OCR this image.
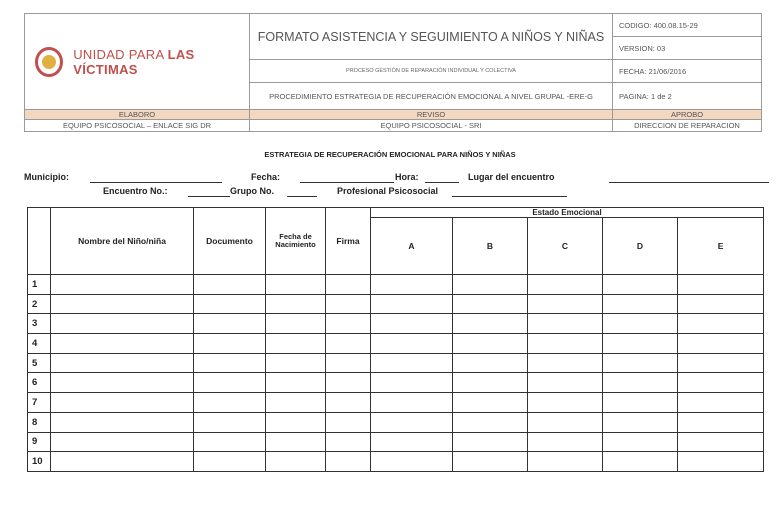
UNIDAD PARA LAS VÍCTIMAS	FORMATO ASISTENCIA Y SEGUIMIENTO A NIÑOS Y NIÑAS	CODIGO: 400.08.15-29
		VERSION: 03
	PROCESO GESTIÓN DE REPARACIÓN INDIVIDUAL Y COLECTIVA	FECHA: 21/06/2016
	PROCEDIMIENTO ESTRATEGIA DE RECUPERACIÓN EMOCIONAL A NIVEL GRUPAL -ERE-G	PAGINA: 1 de 2
ELABORO	REVISO	APROBO
EQUIPO PSICOSOCIAL – ENLACE SIG DR	EQUIPO PSICOSOCIAL - SRI	DIRECCION DE REPARACION
ESTRATEGIA DE RECUPERACIÓN EMOCIONAL PARA NIÑOS Y NIÑAS
Municipio:	Fecha:	Hora:	Lugar del encuentro
Encuentro No.:	Grupo No.	Profesional Psicosocial
	Nombre del Niño/niña	Documento	Fecha de Nacimiento	Firma	Estado Emocional				
					A	B	C	D	E
1									
2									
3									
4									
5									
6									
7									
8									
9									
10									
